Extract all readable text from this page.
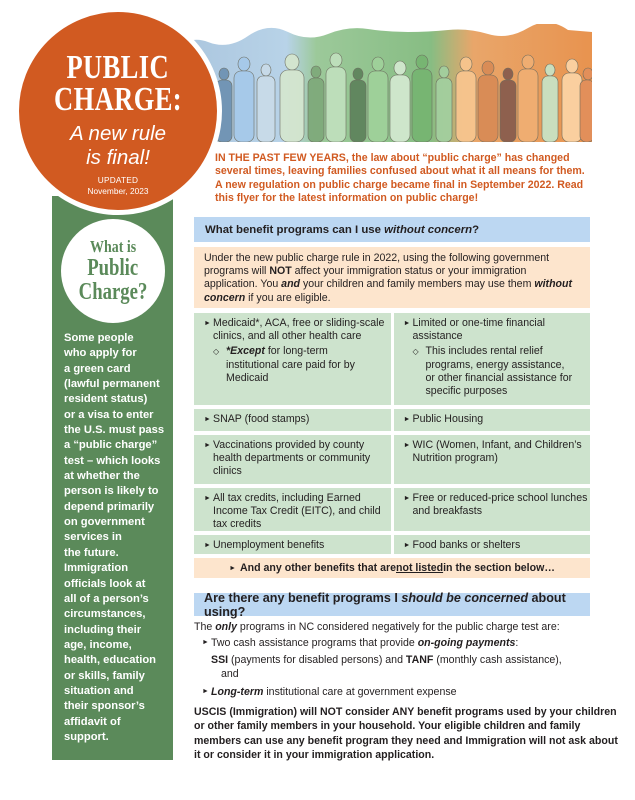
What is
Public
Charge?
Some people
who apply for
a green card
(lawful permanent
resident status)
or a visa to enter
the U.S. must pass
a “public charge”
test – which looks
at whether the
person is likely to
depend primarily
on government
services in
the future.
Immigration
officials look at
all of a person’s
circumstances,
including their
age, income,
health, education
or skills, family
situation and
their sponsor’s
affidavit of
support.
PUBLIC
CHARGE:
A new rule
is final!
UPDATED
November, 2023
IN THE PAST FEW YEARS, the law about “public charge” has changed
several times, leaving families confused about what it all means for them.
A new regulation on public charge became final in September 2022. Read
this flyer for the latest information on public charge!
What benefit programs can I use without concern?
Under the new public charge rule in 2022, using the following government
programs will NOT affect your immigration status or your immigration
application. You and your children and family members may use them without
concern if you are eligible.
► Medicaid*, ACA, free or sliding-scale
clinics, and all other health care
◇ *Except for long-term
institutional care paid for by
Medicaid
► Limited or one-time financial
assistance
◇ This includes rental relief
programs, energy assistance,
or other financial assistance for
specific purposes
► SNAP (food stamps)	► Public Housing
► Vaccinations provided by county
health departments or community
clinics
► WIC (Women, Infant, and Children’s
Nutrition program)
► All tax credits, including Earned
Income Tax Credit (EITC), and child
tax credits
► Free or reduced-price school lunches
and breakfasts
► Unemployment benefits	► Food banks or shelters
► And any other benefits that are not listed in the section below…
Are there any benefit programs I should be concerned about using?
The only programs in NC considered negatively for the public charge test are:
► Two cash assistance programs that provide on-going payments:
SSI (payments for disabled persons) and TANF (monthly cash assistance),
and
► Long-term institutional care at government expense
USCIS (Immigration) will NOT consider ANY benefit programs used by your children
or other family members in your household. Your eligible children and family
members can use any benefit program they need and Immigration will not ask about
it or consider it in your immigration application.
